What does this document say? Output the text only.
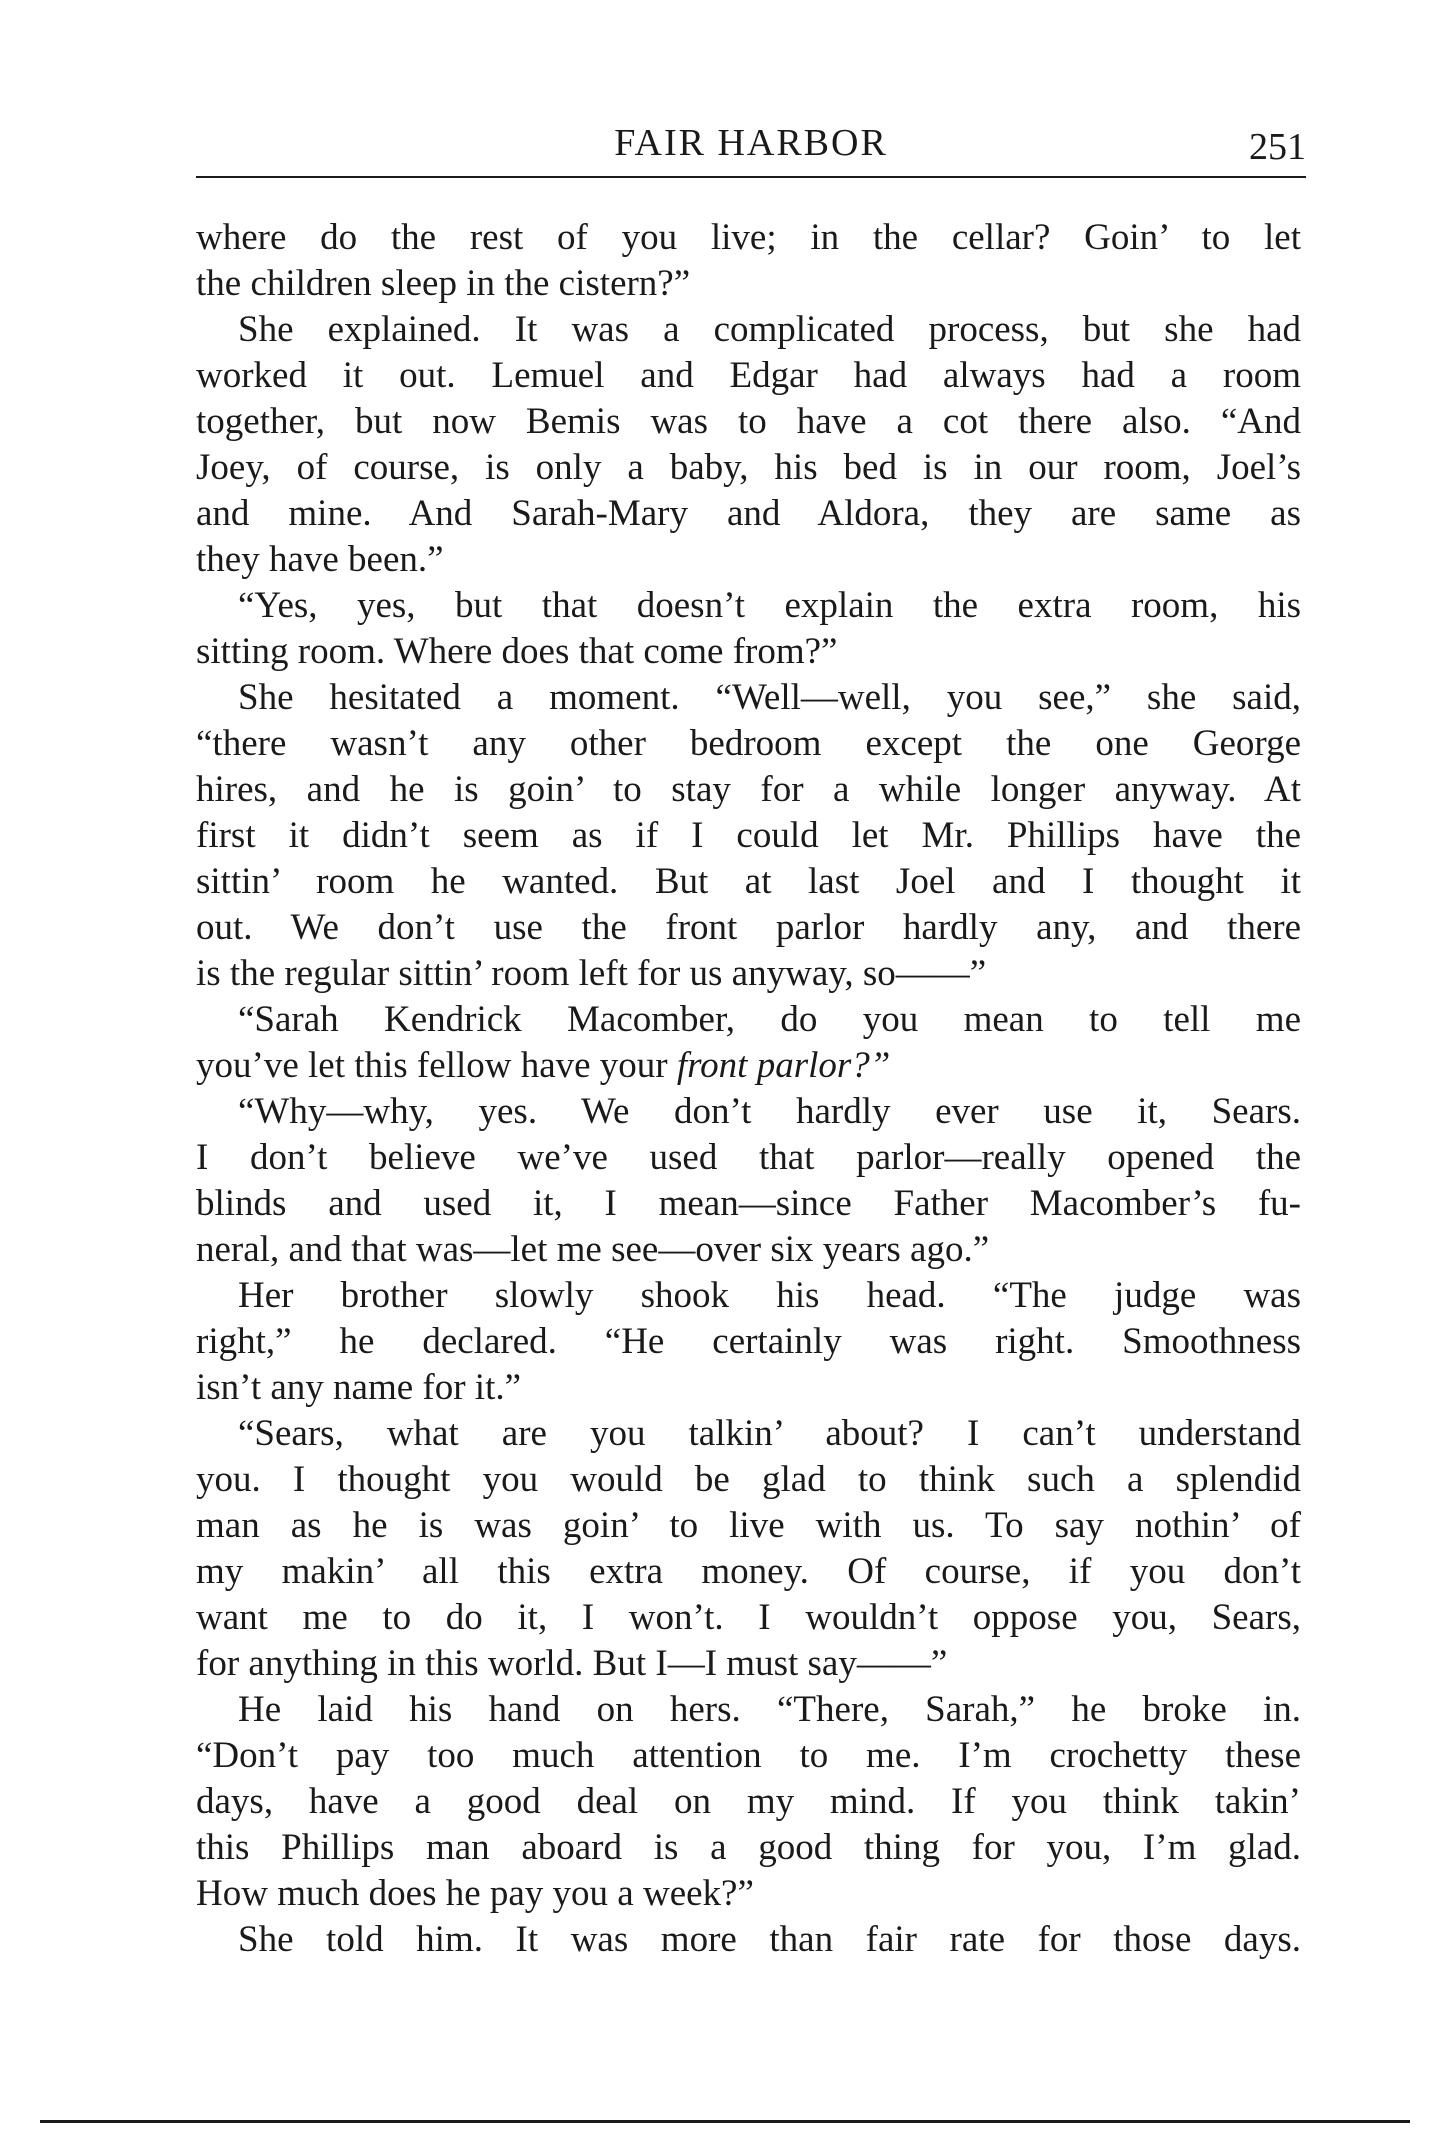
FAIR HARBOR	251
where do the rest of you live; in the cellar? Goin’ to let
the children sleep in the cistern?”
She explained. It was a complicated process, but she had
worked it out. Lemuel and Edgar had always had a room
together, but now Bemis was to have a cot there also. “And
Joey, of course, is only a baby, his bed is in our room, Joel’s
and mine. And Sarah-Mary and Aldora, they are same as
they have been.”
“Yes, yes, but that doesn’t explain the extra room, his
sitting room. Where does that come from?”
She hesitated a moment. “Well—well, you see,” she said,
“there wasn’t any other bedroom except the one George
hires, and he is goin’ to stay for a while longer anyway. At
first it didn’t seem as if I could let Mr. Phillips have the
sittin’ room he wanted. But at last Joel and I thought it
out. We don’t use the front parlor hardly any, and there
is the regular sittin’ room left for us anyway, so——”
“Sarah Kendrick Macomber, do you mean to tell me
you’ve let this fellow have your front parlor?”
“Why—why, yes. We don’t hardly ever use it, Sears.
I don’t believe we’ve used that parlor—really opened the
blinds and used it, I mean—since Father Macomber’s fu-
neral, and that was—let me see—over six years ago.”
Her brother slowly shook his head. “The judge was
right,” he declared. “He certainly was right. Smoothness
isn’t any name for it.”
“Sears, what are you talkin’ about? I can’t understand
you. I thought you would be glad to think such a splendid
man as he is was goin’ to live with us. To say nothin’ of
my makin’ all this extra money. Of course, if you don’t
want me to do it, I won’t. I wouldn’t oppose you, Sears,
for anything in this world. But I—I must say——”
He laid his hand on hers. “There, Sarah,” he broke in.
“Don’t pay too much attention to me. I’m crochetty these
days, have a good deal on my mind. If you think takin’
this Phillips man aboard is a good thing for you, I’m glad.
How much does he pay you a week?”
She told him. It was more than fair rate for those days.
